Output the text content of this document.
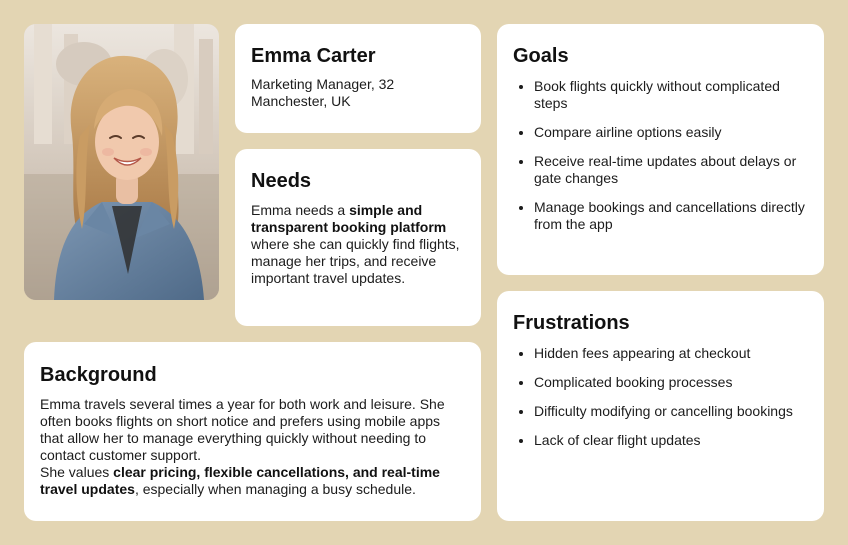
Emma Carter
Marketing Manager, 32
Manchester, UK
Needs
Emma needs a simple and transparent booking platform where she can quickly find flights, manage her trips, and receive important travel updates.
Goals
Book flights quickly without complicated steps
Compare airline options easily
Receive real-time updates about delays or gate changes
Manage bookings and cancellations directly from the app
Frustrations
Hidden fees appearing at checkout
Complicated booking processes
Difficulty modifying or cancelling bookings
Lack of clear flight updates
Background
Emma travels several times a year for both work and leisure. She often books flights on short notice and prefers using mobile apps that allow her to manage everything quickly without needing to contact customer support.
She values clear pricing, flexible cancellations, and real-time travel updates, especially when managing a busy schedule.
